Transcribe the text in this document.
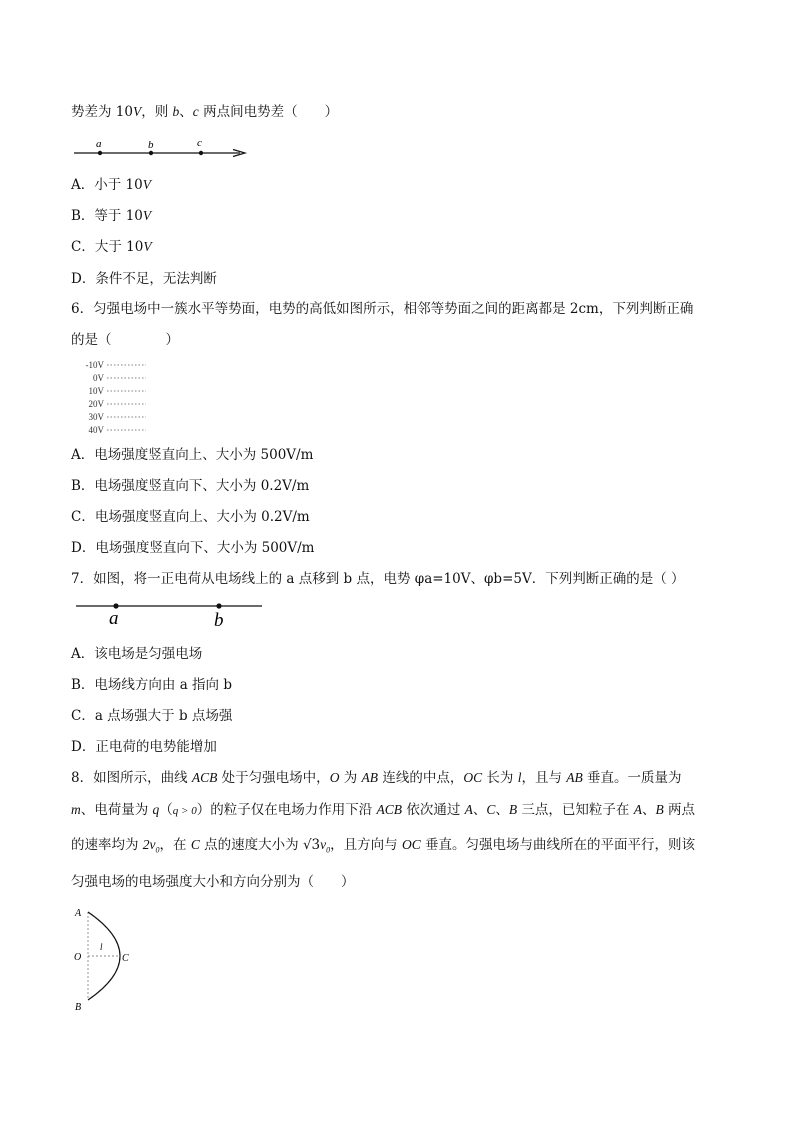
势差为 10V，则 b、c 两点间电势差（　　）
a	b	c
A．小于 10V
B．等于 10V
C．大于 10V
D．条件不足，无法判断
6．匀强电场中一簇水平等势面，电势的高低如图所示，相邻等势面之间的距离都是 2cm，下列判断正确
的是（　　　　）
-10V
0V
10V
20V
30V
40V
A．电场强度竖直向上、大小为 500V/m
B．电场强度竖直向下、大小为 0.2V/m
C．电场强度竖直向上、大小为 0.2V/m
D．电场强度竖直向下、大小为 500V/m
7．如图，将一正电荷从电场线上的 a 点移到 b 点，电势 φa=10V、φb=5V．下列判断正确的是（ ）
a	b
A．该电场是匀强电场
B．电场线方向由 a 指向 b
C．a 点场强大于 b 点场强
D．正电荷的电势能增加
8．如图所示，曲线 ACB 处于匀强电场中，O 为 AB 连线的中点，OC 长为 l，且与 AB 垂直。一质量为
m、电荷量为 q（q > 0）的粒子仅在电场力作用下沿 ACB 依次通过 A、C、B 三点，已知粒子在 A、B 两点
的速率均为 $2v_0$，在 C 点的速度大小为 $√3v_0$，且方向与 OC 垂直。匀强电场与曲线所在的平面平行，则该
匀强电场的电场强度大小和方向分别为（　　）
A
O
l
C
B
